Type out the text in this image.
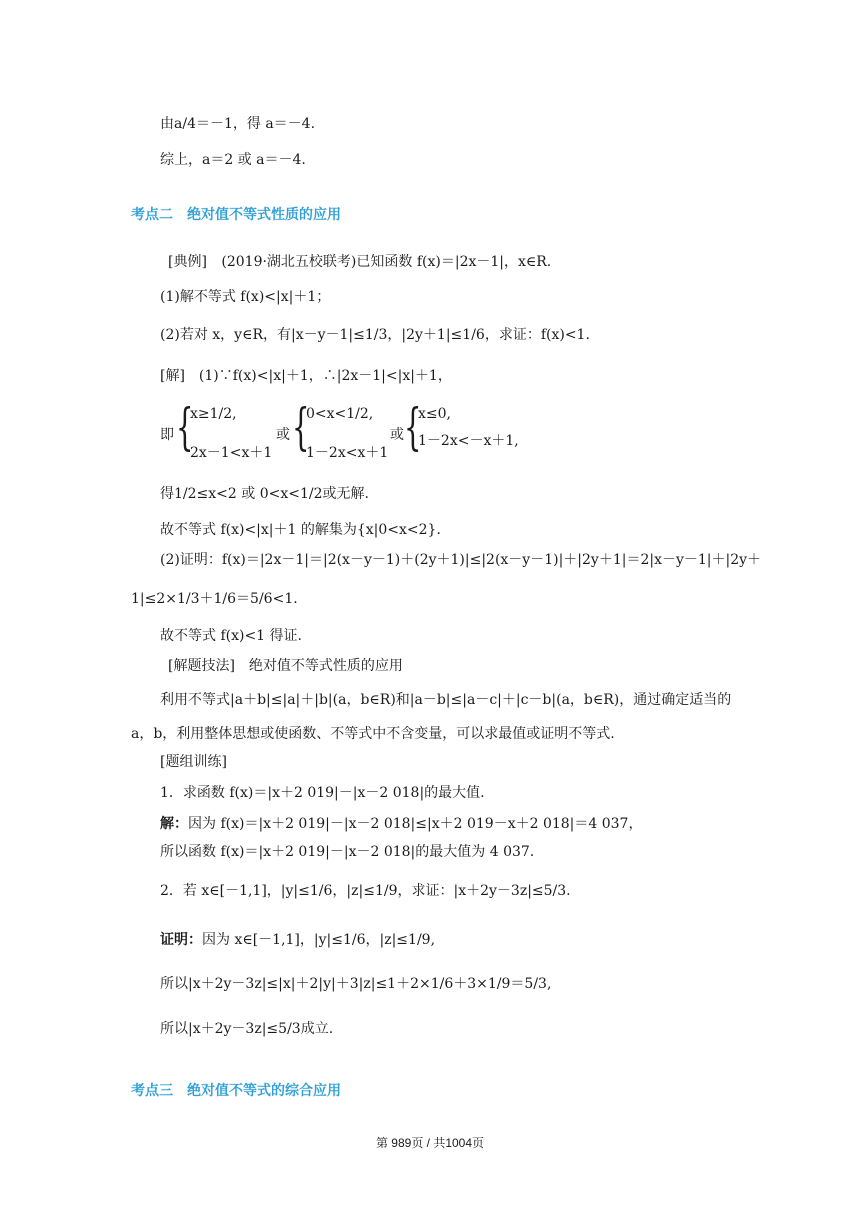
由a/4＝－1，得 a＝－4.
综上，a＝2 或 a＝－4.
考点二　绝对值不等式性质的应用
[典例] (2019·湖北五校联考)已知函数 f(x)＝|2x－1|，x∈R.
(1)解不等式 f(x)<|x|＋1；
(2)若对 x，y∈R，有|x－y－1|≤1/3，|2y＋1|≤1/6，求证：f(x)<1.
[解]　(1)∵f(x)<|x|＋1，∴|2x－1|<|x|＋1，
即 {
x≥1/2,
2x－1<x＋1
或 {
0<x<1/2,
1－2x<x＋1
或 {
x≤0,
1－2x<－x＋1,
得1/2≤x<2 或 0<x<1/2或无解.
故不等式 f(x)<|x|＋1 的解集为{x|0<x<2}.
(2)证明：f(x)＝|2x－1|＝|2(x－y－1)＋(2y＋1)|≤|2(x－y－1)|＋|2y＋1|＝2|x－y－1|＋|2y＋
1|≤2×1/3＋1/6＝5/6<1.
故不等式 f(x)<1 得证.
[解题技法]　绝对值不等式性质的应用
利用不等式|a＋b|≤|a|＋|b|(a，b∈R)和|a－b|≤|a－c|＋|c－b|(a，b∈R)，通过确定适当的
a，b，利用整体思想或使函数、不等式中不含变量，可以求最值或证明不等式.
[题组训练]
1．求函数 f(x)＝|x＋2 019|－|x－2 018|的最大值.
解：因为 f(x)＝|x＋2 019|－|x－2 018|≤|x＋2 019－x＋2 018|＝4 037，
所以函数 f(x)＝|x＋2 019|－|x－2 018|的最大值为 4 037.
2．若 x∈[－1,1]，|y|≤1/6，|z|≤1/9，求证：|x＋2y－3z|≤5/3.
证明：因为 x∈[－1,1]，|y|≤1/6，|z|≤1/9,
所以|x＋2y－3z|≤|x|＋2|y|＋3|z|≤1＋2×1/6＋3×1/9＝5/3,
所以|x＋2y－3z|≤5/3成立.
考点三　绝对值不等式的综合应用
第 989页 / 共1004页
